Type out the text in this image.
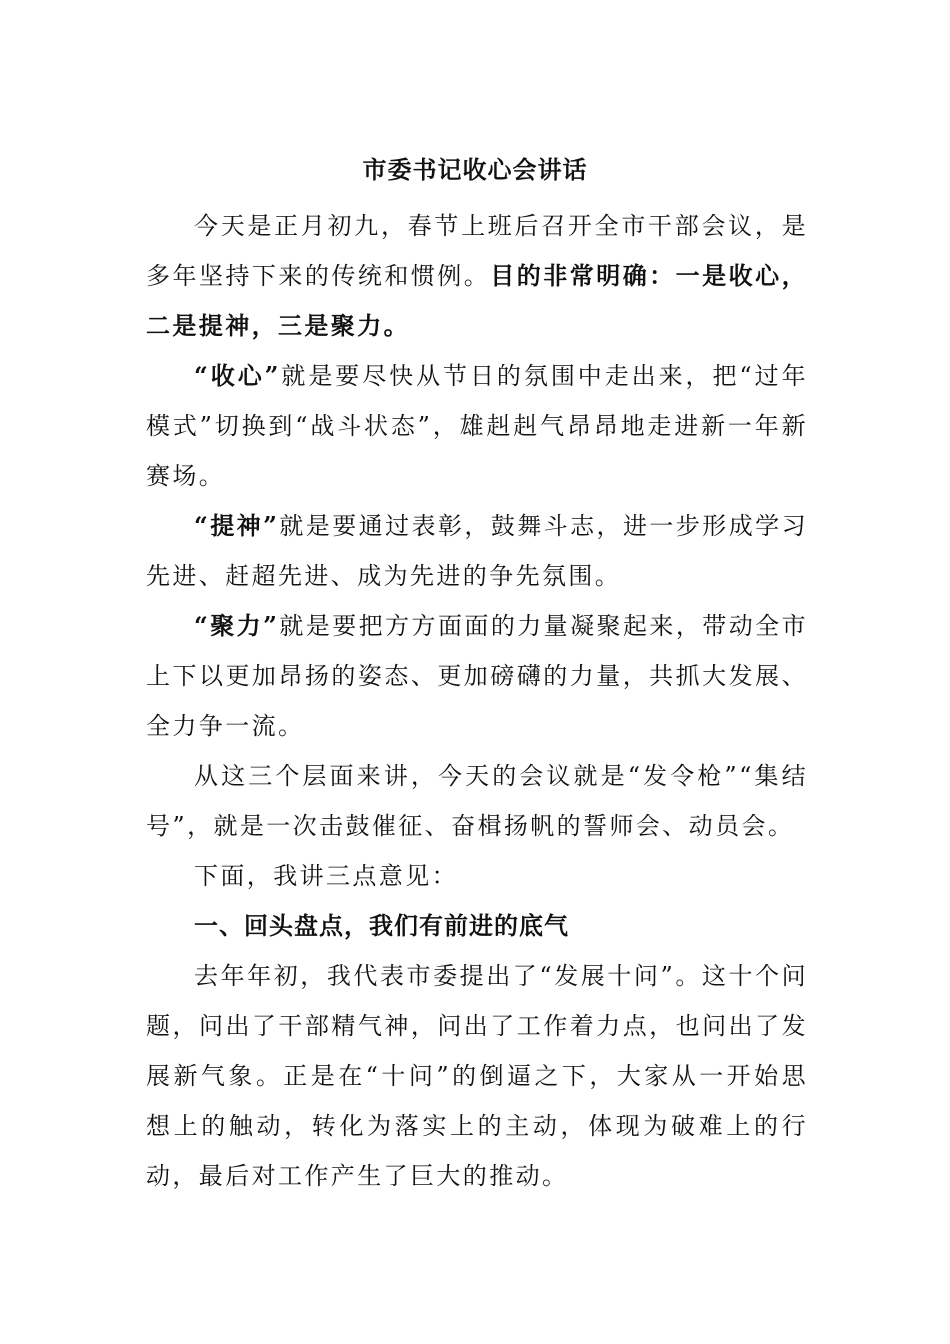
市委书记收心会讲话

今天是正月初九，春节上班后召开全市干部会议，是多年坚持下来的传统和惯例。目的非常明确：一是收心，二是提神，三是聚力。

“收心”就是要尽快从节日的氛围中走出来，把“过年模式”切换到“战斗状态”，雄赳赳气昂昂地走进新一年新赛场。

“提神”就是要通过表彰，鼓舞斗志，进一步形成学习先进、赶超先进、成为先进的争先氛围。

“聚力”就是要把方方面面的力量凝聚起来，带动全市上下以更加昂扬的姿态、更加磅礴的力量，共抓大发展、全力争一流。

从这三个层面来讲，今天的会议就是“发令枪”“集结号”，就是一次击鼓催征、奋楫扬帆的誓师会、动员会。

下面，我讲三点意见：

一、回头盘点，我们有前进的底气

去年年初，我代表市委提出了“发展十问”。这十个问题，问出了干部精气神，问出了工作着力点，也问出了发展新气象。正是在“十问”的倒逼之下，大家从一开始思想上的触动，转化为落实上的主动，体现为破难上的行动，最后对工作产生了巨大的推动。
